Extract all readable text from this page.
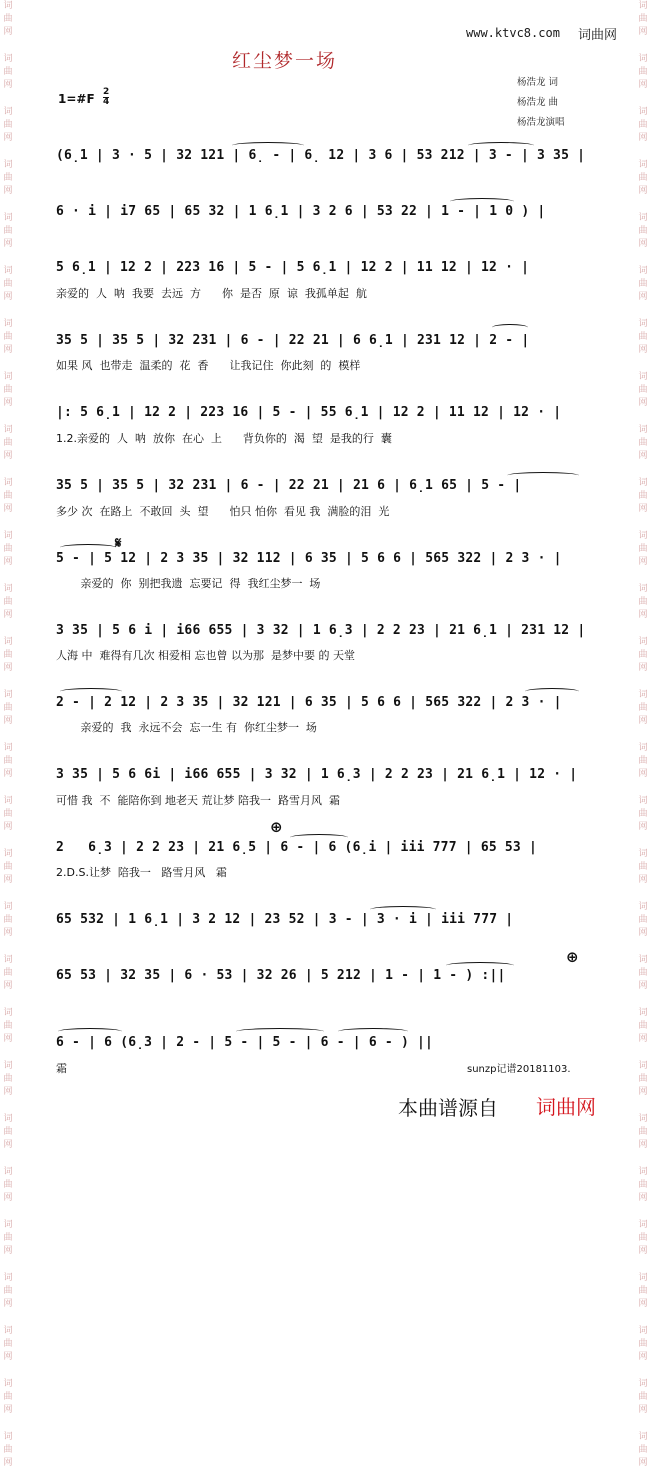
词
曲
网
词
曲
网
词
曲
网
词
曲
网
词
曲
网
词
曲
网
词
曲
网
词
曲
网
词
曲
网
词
曲
网
词
曲
网
词
曲
网
词
曲
网
词
曲
网
词
曲
网
词
曲
网
词
曲
网
词
曲
网
词
曲
网
词
曲
网
词
曲
网
词
曲
网
词
曲
网
词
曲
网
词
曲
网
词
曲
网
词
曲
网
词
曲
网
词
曲
网
词
曲
网
词
曲
网
词
曲
网
词
曲
网
词
曲
网
词
曲
网
词
曲
网
词
曲
网
词
曲
网
词
曲
网
词
曲
网
词
曲
网
词
曲
网
词
曲
网
词
曲
网
词
曲
网
词
曲
网
词
曲
网
词
曲
网
词
曲
网
词
曲
网
词
曲
网
词
曲
网
词
曲
网
词
曲
网
词
曲
网
词
曲
网
www.ktvc8.com 词曲网
红尘梦一场
1=#F 2
4
杨浩龙 词
杨浩龙 曲
杨浩龙演唱
(6̣1 | 3 · 5 | 32 121 | 6̣ - | 6̣ 12 | 3 6 | 53 212 | 3 - | 3 35 |
6 · i | i7 65 | 65 32 | 1 6̣1 | 3 2 6 | 53 22 | 1 - | 1 0 ) |
5 6̣1 | 12 2 | 223 16 | 5 - | 5 6̣1 | 12 2 | 11 12 | 12 · |
亲爱的  人  呐  我要  去远  方      你  是否  原  谅  我孤单起  航
35 5 | 35 5 | 32 231 | 6 - | 22 21 | 6 6̣1 | 231 12 | 2 - |
如果 风  也带走  温柔的  花  香      让我记住  你此刻  的  模样
|: 5 6̣1 | 12 2 | 223 16 | 5 - | 55 6̣1 | 12 2 | 11 12 | 12 · |
1.2.亲爱的  人  呐  放你  在心  上      背负你的  渴  望  是我的行  囊
35 5 | 35 5 | 32 231 | 6 - | 22 21 | 21 6 | 6̣1 65 | 5 - |
多少 次  在路上  不敢回  头  望      怕只 怕你  看见 我  满脸的泪  光
5 - | 5 12 | 2 3 35 | 32 112 | 6 35 | 5 6 6 | 565 322 | 2 3 · |
亲爱的  你  别把我遗  忘要记  得  我红尘梦一  场
3 35 | 5 6 i | i66 655 | 3 32 | 1 6̣3 | 2 2 23 | 21 6̣1 | 231 12 |
人海 中  难得有几次 相爱相 忘也曾 以为那  是梦中要 的 天堂
2 - | 2 12 | 2 3 35 | 32 121 | 6 35 | 5 6 6 | 565 322 | 2 3 · |
亲爱的  我  永远不会  忘一生 有  你红尘梦一  场
3 35 | 5 6 6i | i66 655 | 3 32 | 1 6̣3 | 2 2 23 | 21 6̣1 | 12 · |
可惜 我  不  能陪你到 地老天 荒让梦 陪我一  路雪月风  霜
2   6̣3 | 2 2 23 | 21 6̣5 | 6 - | 6 (6̣i | iii 777 | 65 53 |
2.D.S.让梦  陪我一   路雪月风   霜
65 532 | 1 6̣1 | 3 2 12 | 23 52 | 3 - | 3 · i | iii 777 |
65 53 | 32 35 | 6 · 53 | 32 26 | 5 212 | 1 - | 1 - ) :||
6 - | 6 (6̣3 | 2 - | 5 - | 5 - | 6 - | 6 - ) ||
霜
𝄋
⊕
⊕
sunzp记谱20181103.
本曲谱源自 词曲网
